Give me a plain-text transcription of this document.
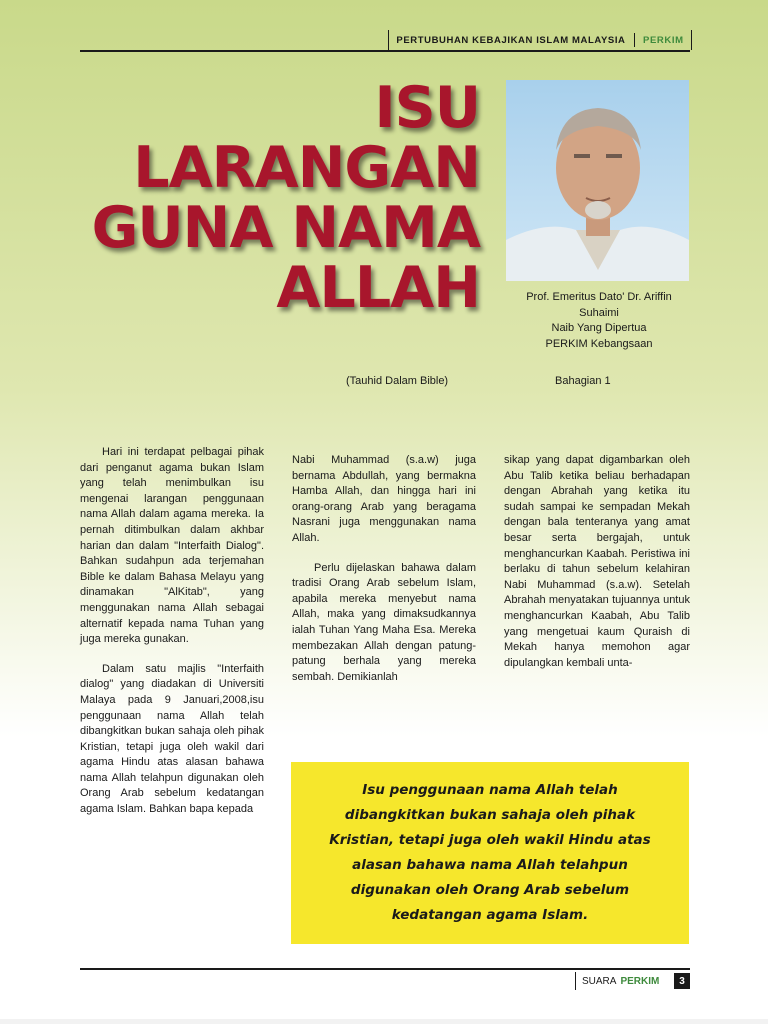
PERTUBUHAN KEBAJIKAN ISLAM MALAYSIA PERKIM
ISU
LARANGAN
GUNA NAMA
ALLAH
(Tauhid Dalam Bible)
Prof. Emeritus Dato' Dr. Ariffin
Suhaimi
Naib Yang Dipertua
PERKIM Kebangsaan
Bahagian 1

Hari ini terdapat pelbagai pihak dari penganut agama bukan Islam yang telah menimbulkan isu mengenai larangan penggunaan nama Allah dalam agama mereka. Ia pernah ditimbulkan dalam akhbar harian dan dalam "Interfaith Dialog". Bahkan sudahpun ada terjemahan Bible ke dalam Bahasa Melayu yang dinamakan "AlKitab", yang menggunakan nama Allah sebagai alternatif kepada nama Tuhan yang juga mereka gunakan.

Dalam satu majlis "Interfaith dialog" yang diadakan di Universiti Malaya pada 9 Januari,2008,isu penggunaan nama Allah telah dibangkitkan bukan sahaja oleh pihak Kristian, tetapi juga oleh wakil dari agama Hindu atas alasan bahawa nama Allah telahpun digunakan oleh Orang Arab sebelum kedatangan agama Islam. Bahkan bapa kepada

Nabi Muhammad (s.a.w) juga bernama Abdullah, yang bermakna Hamba Allah, dan hingga hari ini orang-orang Arab yang beragama Nasrani juga menggunakan nama Allah.

Perlu dijelaskan bahawa dalam tradisi Orang Arab sebelum Islam, apabila mereka menyebut nama Allah, maka yang dimaksudkannya ialah Tuhan Yang Maha Esa. Mereka membezakan Allah dengan patung-patung berhala yang mereka sembah. Demikianlah

sikap yang dapat digambarkan oleh Abu Talib ketika beliau berhadapan dengan Abrahah yang ketika itu sudah sampai ke sempadan Mekah dengan bala tenteranya yang amat besar serta bergajah, untuk menghancurkan Kaabah. Peristiwa ini berlaku di tahun sebelum kelahiran Nabi Muhammad (s.a.w). Setelah Abrahah menyatakan tujuannya untuk menghancurkan Kaabah, Abu Talib yang mengetuai kaum Quraish di Mekah hanya memohon agar dipulangkan kembali unta-

Isu penggunaan nama Allah telah dibangkitkan bukan sahaja oleh pihak Kristian, tetapi juga oleh wakil Hindu atas alasan bahawa nama Allah telahpun digunakan oleh Orang Arab sebelum kedatangan agama Islam.
SUARA PERKIM	3
